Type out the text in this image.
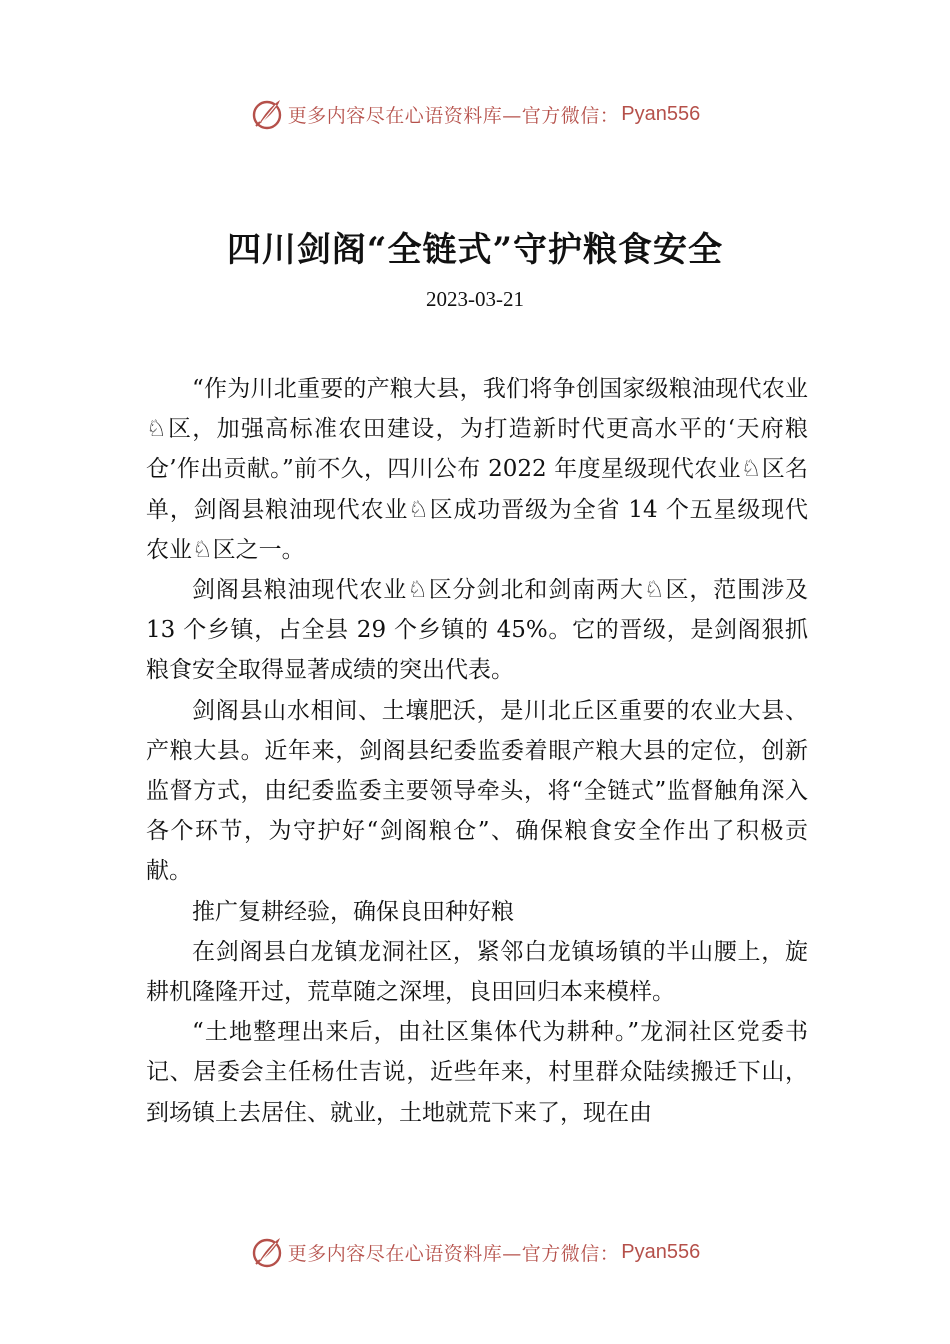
更多内容尽在心语资料库—官方微信： Pyan556
四川剑阁“全链式”守护粮食安全
2023-03-21

“作为川北重要的产粮大县，我们将争创国家级粮油现代农业♘区，加强高标准农田建设，为打造新时代更高水平的‘天府粮仓’作出贡献。”前不久，四川公布 2022 年度星级现代农业♘区名单，剑阁县粮油现代农业♘区成功晋级为全省 14 个五星级现代农业♘区之一。

剑阁县粮油现代农业♘区分剑北和剑南两大♘区，范围涉及 13 个乡镇，占全县 29 个乡镇的 45%。它的晋级，是剑阁狠抓粮食安全取得显著成绩的突出代表。

剑阁县山水相间、土壤肥沃，是川北丘区重要的农业大县、产粮大县。近年来，剑阁县纪委监委着眼产粮大县的定位，创新监督方式，由纪委监委主要领导牵头，将“全链式”监督触角深入各个环节，为守护好“剑阁粮仓”、确保粮食安全作出了积极贡献。

推广复耕经验，确保良田种好粮

在剑阁县白龙镇龙洞社区，紧邻白龙镇场镇的半山腰上，旋耕机隆隆开过，荒草随之深埋，良田回归本来模样。

“土地整理出来后，由社区集体代为耕种。”龙洞社区党委书记、居委会主任杨仕吉说，近些年来，村里群众陆续搬迁下山，到场镇上去居住、就业，土地就荒下来了，现在由

更多内容尽在心语资料库—官方微信： Pyan556
